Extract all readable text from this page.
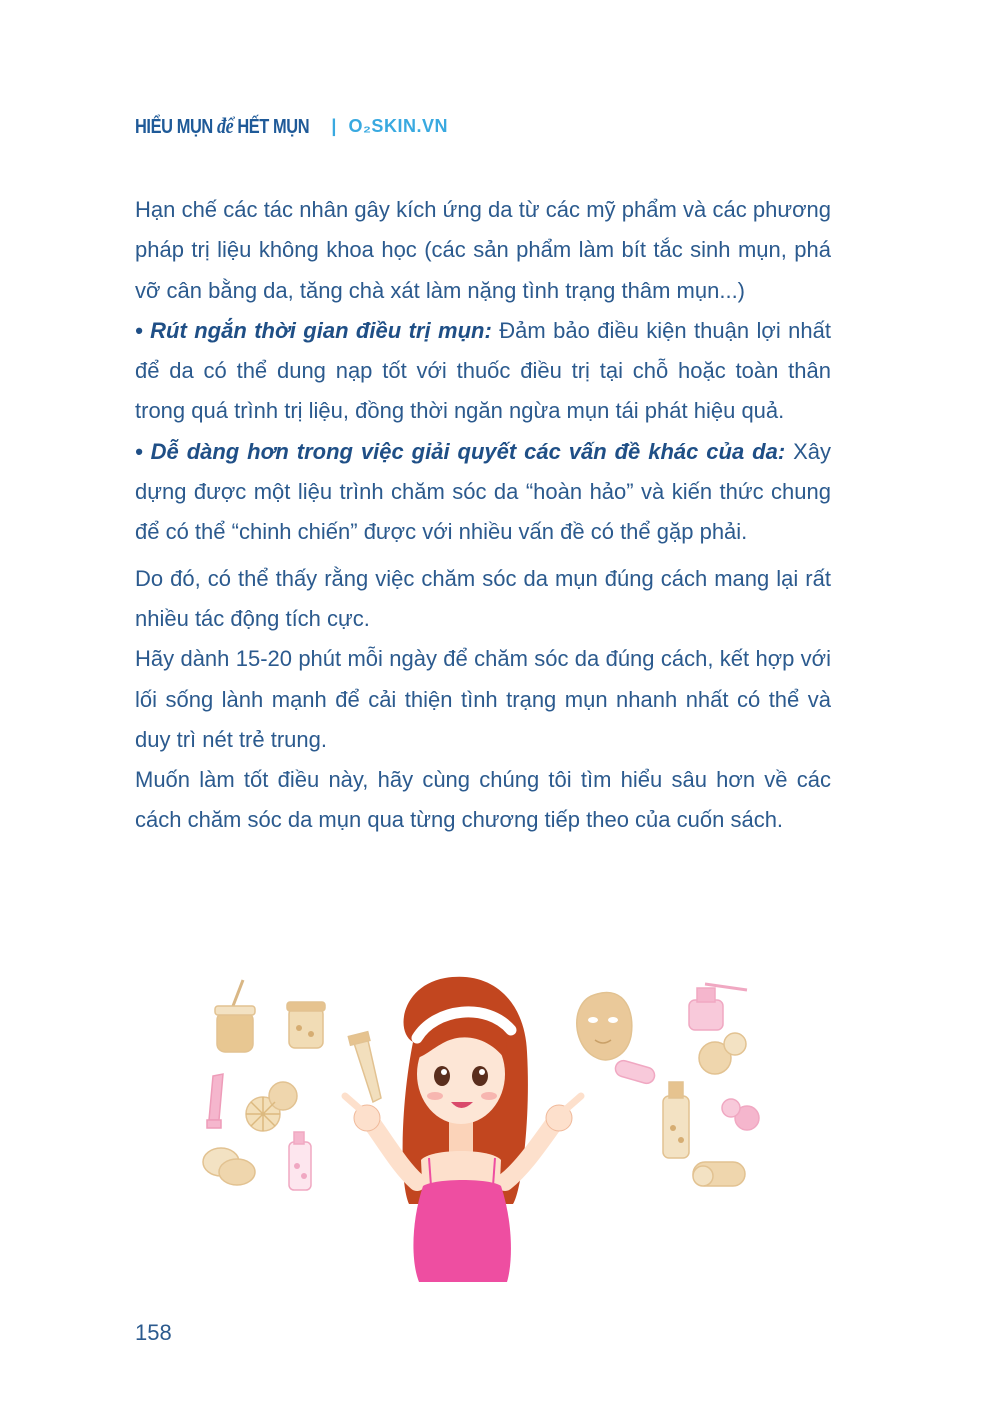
HIỂU MỤN để HẾT MỤN | O₂SKIN.VN

Hạn chế các tác nhân gây kích ứng da từ các mỹ phẩm và các phương pháp trị liệu không khoa học (các sản phẩm làm bít tắc sinh mụn, phá vỡ cân bằng da, tăng chà xát làm nặng tình trạng thâm mụn...)

• Rút ngắn thời gian điều trị mụn: Đảm bảo điều kiện thuận lợi nhất để da có thể dung nạp tốt với thuốc điều trị tại chỗ hoặc toàn thân trong quá trình trị liệu, đồng thời ngăn ngừa mụn tái phát hiệu quả.

• Dễ dàng hơn trong việc giải quyết các vấn đề khác của da: Xây dựng được một liệu trình chăm sóc da “hoàn hảo” và kiến thức chung để có thể “chinh chiến” được với nhiều vấn đề có thể gặp phải.

Do đó, có thể thấy rằng việc chăm sóc da mụn đúng cách mang lại rất nhiều tác động tích cực.

Hãy dành 15-20 phút mỗi ngày để chăm sóc da đúng cách, kết hợp với lối sống lành mạnh để cải thiện tình trạng mụn nhanh nhất có thể và duy trì nét trẻ trung.

Muốn làm tốt điều này, hãy cùng chúng tôi tìm hiểu sâu hơn về các cách chăm sóc da mụn qua từng chương tiếp theo của cuốn sách.

158
